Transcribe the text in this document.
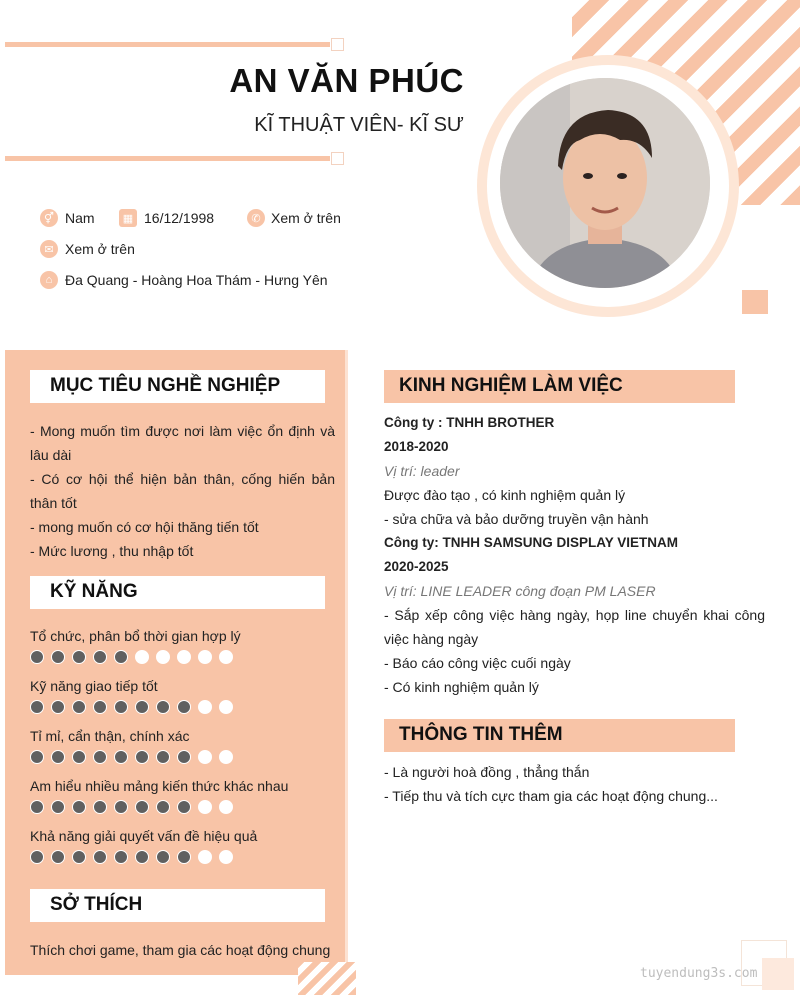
AN VĂN PHÚC
KĨ THUẬT VIÊN- KĨ SƯ
⚥ Nam	▦ 16/12/1998	✆ Xem ở trên
✉ Xem ở trên
⌂ Đa Quang - Hoàng Hoa Thám - Hưng Yên
MỤC TIÊU NGHỀ NGHIỆP
- Mong muốn tìm được nơi làm việc ổn định và lâu dài
- Có cơ hội thể hiện bản thân, cống hiến bản thân tốt
- mong muốn có cơ hội thăng tiến tốt
- Mức lương , thu nhập tốt
KỸ NĂNG
Tổ chức, phân bổ thời gian hợp lý
Kỹ năng giao tiếp tốt
Tỉ mỉ, cẩn thận, chính xác
Am hiểu nhiều mảng kiến thức khác nhau
Khả năng giải quyết vấn đề hiệu quả
SỞ THÍCH
Thích chơi game, tham gia các hoạt động chung
KINH NGHIỆM LÀM VIỆC
Công ty : TNHH BROTHER
2018-2020
Vị trí: leader
Được đào tạo , có kinh nghiệm quản lý
- sửa chữa và bảo dưỡng truyền vận hành
Công ty: TNHH SAMSUNG DISPLAY VIETNAM
2020-2025
Vị trí: LINE LEADER công đoạn PM LASER
- Sắp xếp công việc hàng ngày, họp line chuyển khai công việc hàng ngày
- Báo cáo công việc cuối ngày
- Có kinh nghiệm quản lý
THÔNG TIN THÊM
- Là người hoà đồng , thẳng thắn
- Tiếp thu và tích cực tham gia các hoạt động chung...
tuyendung3s.com
